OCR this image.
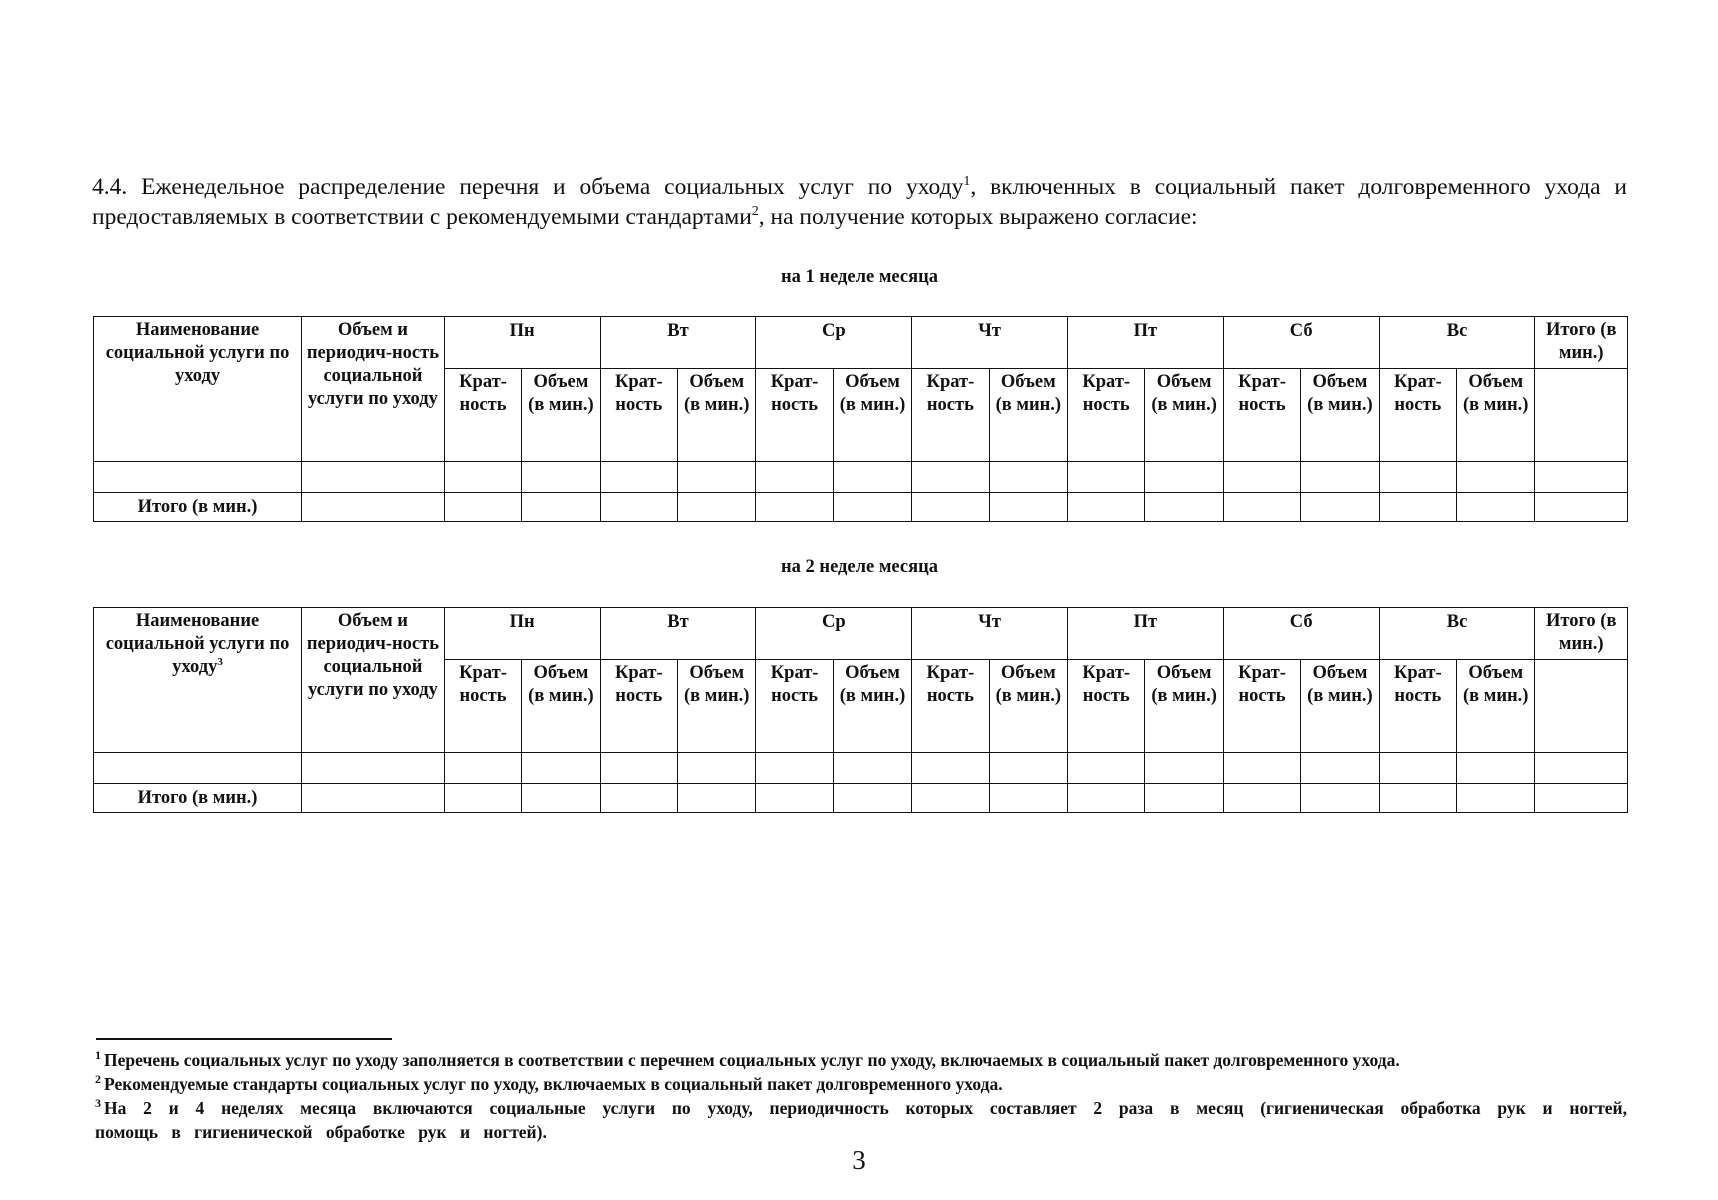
4.4. Еженедельное распределение перечня и объема социальных услуг по уходу$^1$, включенных в социальный пакет долговременного ухода и предоставляемых в соответствии с рекомендуемыми стандартами$^2$, на получение которых выражено согласие:
на 1 неделе месяца
Наименование социальной услуги по уходу	Объем и периодич-ность социальной услуги по уходу	Пн		Вт		Ср		Чт		Пт		Сб		Вс		Итого (в мин.)
		Крат-ность	Объем (в мин.)	Крат-ность	Объем (в мин.)	Крат-ность	Объем (в мин.)	Крат-ность	Объем (в мин.)	Крат-ность	Объем (в мин.)	Крат-ность	Объем (в мин.)	Крат-ность	Объем (в мин.)	

Итого (в мин.)																
на 2 неделе месяца
Наименование социальной услуги по уходу$^3$	Объем и периодич-ность социальной услуги по уходу	Пн		Вт		Ср		Чт		Пт		Сб		Вс		Итого (в мин.)
		Крат-ность	Объем (в мин.)	Крат-ность	Объем (в мин.)	Крат-ность	Объем (в мин.)	Крат-ность	Объем (в мин.)	Крат-ность	Объем (в мин.)	Крат-ность	Объем (в мин.)	Крат-ность	Объем (в мин.)	

Итого (в мин.)																
$^1$ Перечень социальных услуг по уходу заполняется в соответствии с перечнем социальных услуг по уходу, включаемых в социальный пакет долговременного ухода.
$^2$ Рекомендуемые стандарты социальных услуг по уходу, включаемых в социальный пакет долговременного ухода.
$^3$ На 2 и 4 неделях месяца включаются социальные услуги по уходу, периодичность которых составляет 2 раза в месяц (гигиеническая обработка рук и ногтей, помощь в гигиенической обработке рук и ногтей).
3
